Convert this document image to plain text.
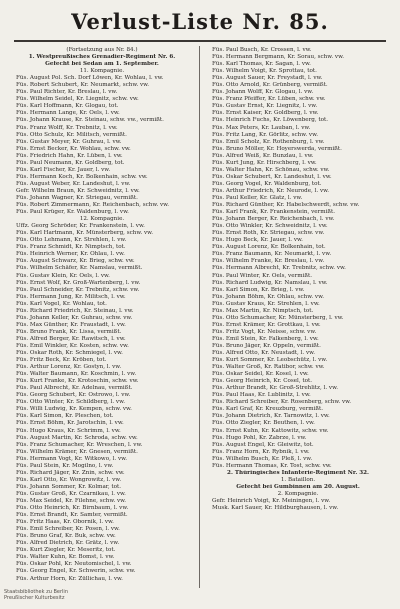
Verlust-Liste Nr. 85.
(Fortsetzung aus Nr. 84.)
1. Westpreußisches Grenadier-Regiment Nr. 6.
Gefecht bei Sedan am 1. September.
11. Kompagnie.
Füs. August Pol. Sch. Dorf Löwen, Kr. Wohlau, l. vw.
Füs. Robert Schubert, Kr. Neumarkt, schw. vw.
Füs. Paul Richter, Kr. Breslau, l. vw.
Füs. Wilhelm Seidel, Kr. Liegnitz, schw. vw.
Füs. Karl Hoffmann, Kr. Glogau, tot.
Füs. Hermann Lange, Kr. Oels, l. vw.
Füs. Johann Krause, Kr. Steinau, schw. vw., vermißt.
Füs. Franz Wolff, Kr. Trebnitz, l. vw.
Füs. Otto Schulz, Kr. Militsch, vermißt.
Füs. Gustav Meyer, Kr. Guhrau, l. vw.
Füs. Ernst Becker, Kr. Wohlau, schw. vw.
Füs. Friedrich Hahn, Kr. Lüben, l. vw.
Füs. Paul Neumann, Kr. Goldberg, tot.
Füs. Karl Fischer, Kr. Jauer, l. vw.
Füs. Hermann Koch, Kr. Bolkenhain, schw. vw.
Füs. August Weber, Kr. Landeshut, l. vw.
Gefr. Wilhelm Braun, Kr. Schweidnitz, l. vw.
Füs. Johann Wagner, Kr. Striegau, vermißt.
Füs. Robert Zimmermann, Kr. Reichenbach, schw. vw.
Füs. Paul Krüger, Kr. Waldenburg, l. vw.
12. Kompagnie.
Uffz. Georg Schröder, Kr. Frankenstein, l. vw.
Füs. Karl Hartmann, Kr. Münsterberg, schw. vw.
Füs. Otto Lehmann, Kr. Strehlen, l. vw.
Füs. Franz Schmidt, Kr. Nimptsch, tot.
Füs. Heinrich Werner, Kr. Ohlau, l. vw.
Füs. August Schwarz, Kr. Brieg, schw. vw.
Füs. Wilhelm Schäfer, Kr. Namslau, vermißt.
Füs. Gustav Klein, Kr. Oels, l. vw.
Füs. Ernst Wolf, Kr. Groß-Wartenberg, l. vw.
Füs. Paul Schneider, Kr. Trebnitz, schw. vw.
Füs. Hermann Jung, Kr. Militsch, l. vw.
Füs. Karl Vogel, Kr. Wohlau, tot.
Füs. Richard Friedrich, Kr. Steinau, l. vw.
Füs. Johann Keller, Kr. Guhrau, schw. vw.
Füs. Max Günther, Kr. Fraustadt, l. vw.
Füs. Bruno Frank, Kr. Lissa, vermißt.
Füs. Alfred Berger, Kr. Rawitsch, l. vw.
Füs. Emil Winkler, Kr. Kosten, schw. vw.
Füs. Oskar Roth, Kr. Schmiegel, l. vw.
Füs. Fritz Beck, Kr. Kröben, tot.
Füs. Arthur Lorenz, Kr. Gostyn, l. vw.
Füs. Walter Baumann, Kr. Koschmin, l. vw.
Füs. Kurt Franke, Kr. Krotoschin, schw. vw.
Füs. Paul Albrecht, Kr. Adelnau, vermißt.
Füs. Georg Schubert, Kr. Ostrowo, l. vw.
Füs. Otto Winter, Kr. Schildberg, l. vw.
Füs. Willi Ludwig, Kr. Kempen, schw. vw.
Füs. Karl Simon, Kr. Pleschen, tot.
Füs. Ernst Böhm, Kr. Jarotschin, l. vw.
Füs. Hugo Kraus, Kr. Schrimm, l. vw.
Füs. August Martin, Kr. Schroda, schw. vw.
Füs. Franz Schumacher, Kr. Wreschen, l. vw.
Füs. Wilhelm Krämer, Kr. Gnesen, vermißt.
Füs. Hermann Vogt, Kr. Witkowo, l. vw.
Füs. Paul Stein, Kr. Mogilno, l. vw.
Füs. Richard Jäger, Kr. Znin, schw. vw.
Füs. Karl Otto, Kr. Wongrowitz, l. vw.
Füs. Johann Sommer, Kr. Kolmar, tot.
Füs. Gustav Groß, Kr. Czarnikau, l. vw.
Füs. Max Seidel, Kr. Filehne, schw. vw.
Füs. Otto Heinrich, Kr. Birnbaum, l. vw.
Füs. Ernst Brandt, Kr. Samter, vermißt.
Füs. Fritz Haas, Kr. Obornik, l. vw.
Füs. Emil Schreiber, Kr. Posen, l. vw.
Füs. Bruno Graf, Kr. Buk, schw. vw.
Füs. Alfred Dietrich, Kr. Grätz, l. vw.
Füs. Kurt Ziegler, Kr. Meseritz, tot.
Füs. Walter Kuhn, Kr. Bomst, l. vw.
Füs. Oskar Pohl, Kr. Neutomischel, l. vw.
Füs. Georg Engel, Kr. Schwerin, schw. vw.
Füs. Arthur Horn, Kr. Züllichau, l. vw.
Füs. Paul Busch, Kr. Crossen, l. vw.
Füs. Hermann Bergmann, Kr. Sorau, schw. vw.
Füs. Karl Thomas, Kr. Sagan, l. vw.
Füs. Wilhelm Voigt, Kr. Sprottau, tot.
Füs. August Sauer, Kr. Freystadt, l. vw.
Füs. Otto Arnold, Kr. Grünberg, vermißt.
Füs. Johann Wolff, Kr. Glogau, l. vw.
Füs. Franz Pfeiffer, Kr. Lüben, schw. vw.
Füs. Gustav Ernst, Kr. Liegnitz, l. vw.
Füs. Ernst Kaiser, Kr. Goldberg, l. vw.
Füs. Heinrich Fuchs, Kr. Löwenberg, tot.
Füs. Max Peters, Kr. Lauban, l. vw.
Füs. Fritz Lang, Kr. Görlitz, schw. vw.
Füs. Emil Scholz, Kr. Rothenburg, l. vw.
Füs. Bruno Möller, Kr. Hoyerswerda, vermißt.
Füs. Alfred Weiß, Kr. Bunzlau, l. vw.
Füs. Kurt Jung, Kr. Hirschberg, l. vw.
Füs. Walter Hahn, Kr. Schönau, schw. vw.
Füs. Oskar Schubert, Kr. Landeshut, l. vw.
Füs. Georg Vogel, Kr. Waldenburg, tot.
Füs. Arthur Friedrich, Kr. Neurode, l. vw.
Füs. Paul Keller, Kr. Glatz, l. vw.
Füs. Richard Günther, Kr. Habelschwerdt, schw. vw.
Füs. Karl Frank, Kr. Frankenstein, vermißt.
Füs. Johann Berger, Kr. Reichenbach, l. vw.
Füs. Otto Winkler, Kr. Schweidnitz, l. vw.
Füs. Ernst Roth, Kr. Striegau, schw. vw.
Füs. Hugo Beck, Kr. Jauer, l. vw.
Füs. August Lorenz, Kr. Bolkenhain, tot.
Füs. Franz Baumann, Kr. Neumarkt, l. vw.
Füs. Wilhelm Franke, Kr. Breslau, l. vw.
Füs. Hermann Albrecht, Kr. Trebnitz, schw. vw.
Füs. Paul Winter, Kr. Oels, vermißt.
Füs. Richard Ludwig, Kr. Namslau, l. vw.
Füs. Karl Simon, Kr. Brieg, l. vw.
Füs. Johann Böhm, Kr. Ohlau, schw. vw.
Füs. Gustav Kraus, Kr. Strehlen, l. vw.
Füs. Max Martin, Kr. Nimptsch, tot.
Füs. Otto Schumacher, Kr. Münsterberg, l. vw.
Füs. Ernst Krämer, Kr. Grottkau, l. vw.
Füs. Fritz Vogt, Kr. Neisse, schw. vw.
Füs. Emil Stein, Kr. Falkenberg, l. vw.
Füs. Bruno Jäger, Kr. Oppeln, vermißt.
Füs. Alfred Otto, Kr. Neustadt, l. vw.
Füs. Kurt Sommer, Kr. Leobschütz, l. vw.
Füs. Walter Groß, Kr. Ratibor, schw. vw.
Füs. Oskar Seidel, Kr. Kosel, l. vw.
Füs. Georg Heinrich, Kr. Cosel, tot.
Füs. Arthur Brandt, Kr. Groß-Strehlitz, l. vw.
Füs. Paul Haas, Kr. Lublinitz, l. vw.
Füs. Richard Schreiber, Kr. Rosenberg, schw. vw.
Füs. Karl Graf, Kr. Kreuzburg, vermißt.
Füs. Johann Dietrich, Kr. Tarnowitz, l. vw.
Füs. Otto Ziegler, Kr. Beuthen, l. vw.
Füs. Ernst Kuhn, Kr. Kattowitz, schw. vw.
Füs. Hugo Pohl, Kr. Zabrze, l. vw.
Füs. August Engel, Kr. Gleiwitz, tot.
Füs. Franz Horn, Kr. Rybnik, l. vw.
Füs. Wilhelm Busch, Kr. Pleß, l. vw.
Füs. Hermann Thomas, Kr. Tost, schw. vw.
2. Thüringisches Infanterie-Regiment Nr. 32.
1. Bataillon.
Gefecht bei Gumbinnen am 20. August.
2. Kompagnie.
Gefr. Heinrich Voigt, Kr. Meiningen, l. vw.
Musk. Karl Sauer, Kr. Hildburghausen, l. vw.
Staatsbibliothek zu Berlin
Preußischer Kulturbesitz
